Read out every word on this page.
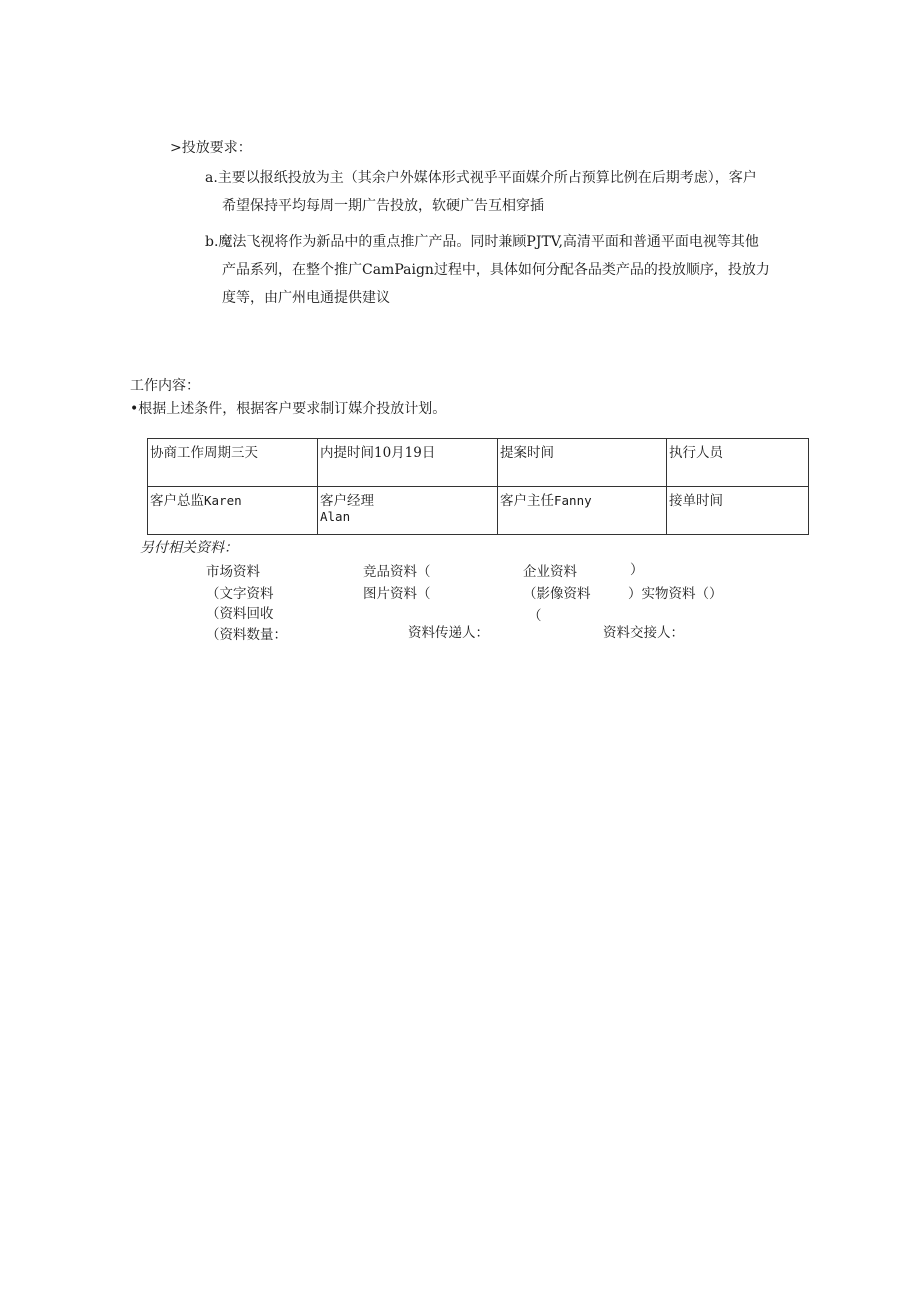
>投放要求：
a.主要以报纸投放为主（其余户外媒体形式视乎平面媒介所占预算比例在后期考虑），客户
希望保持平均每周一期广告投放，软硬广告互相穿插
b.魔法飞视将作为新品中的重点推广产品。同时兼顾PJTV,高清平面和普通平面电视等其他
产品系列，在整个推广CamPaign过程中，具体如何分配各品类产品的投放顺序，投放力
度等，由广州电通提供建议
工作内容：
•根据上述条件，根据客户要求制订媒介投放计划。
协商工作周期三天	内提时间10月19日	提案时间	执行人员
客户总监Karen	客户经理
Alan	客户主任Fanny	接单时间
另付相关资料：
市场资料	竞品资料（	企业资料	）
（文字资料	图片资料（	（影像资料	）实物资料（）
（资料回收	（
（资料数量：	资料传递人：	资料交接人：
